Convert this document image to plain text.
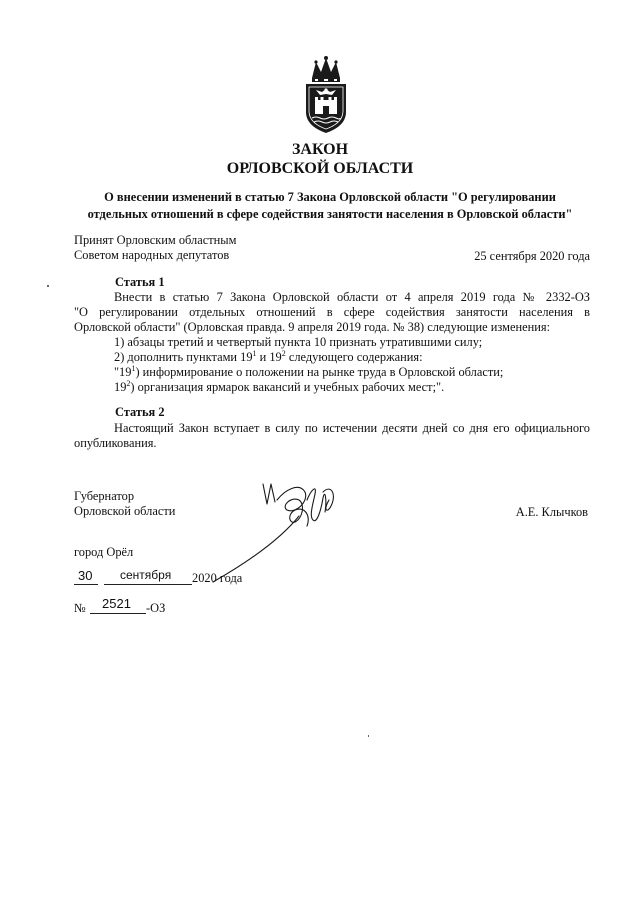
ЗАКОН
ОРЛОВСКОЙ ОБЛАСТИ
О внесении изменений в статью 7 Закона Орловской области "О регулировании
отдельных отношений в сфере содействия занятости населения в Орловской области"
Принят Орловским областным
Советом народных депутатов	25 сентября 2020 года
Статья 1
Внести в статью 7 Закона Орловской области от 4 апреля 2019 года № 2332-ОЗ
"О регулировании отдельных отношений в сфере содействия занятости населения в
Орловской области" (Орловская правда. 9 апреля 2019 года. № 38) следующие изменения:
1) абзацы третий и четвертый пункта 10 признать утратившими силу;
2) дополнить пунктами $19^1$ и $19^2$ следующего содержания:
"$19^1$) информирование о положении на рынке труда в Орловской области;
$19^2$) организация ярмарок вакансий и учебных рабочих мест;".
Статья 2
Настоящий Закон вступает в силу по истечении десяти дней со дня его официального
опубликования.
Губернатор
Орловской области	А.Е. Клычков
город Орёл
30 сентября 2020 года
№ 2521 -ОЗ
